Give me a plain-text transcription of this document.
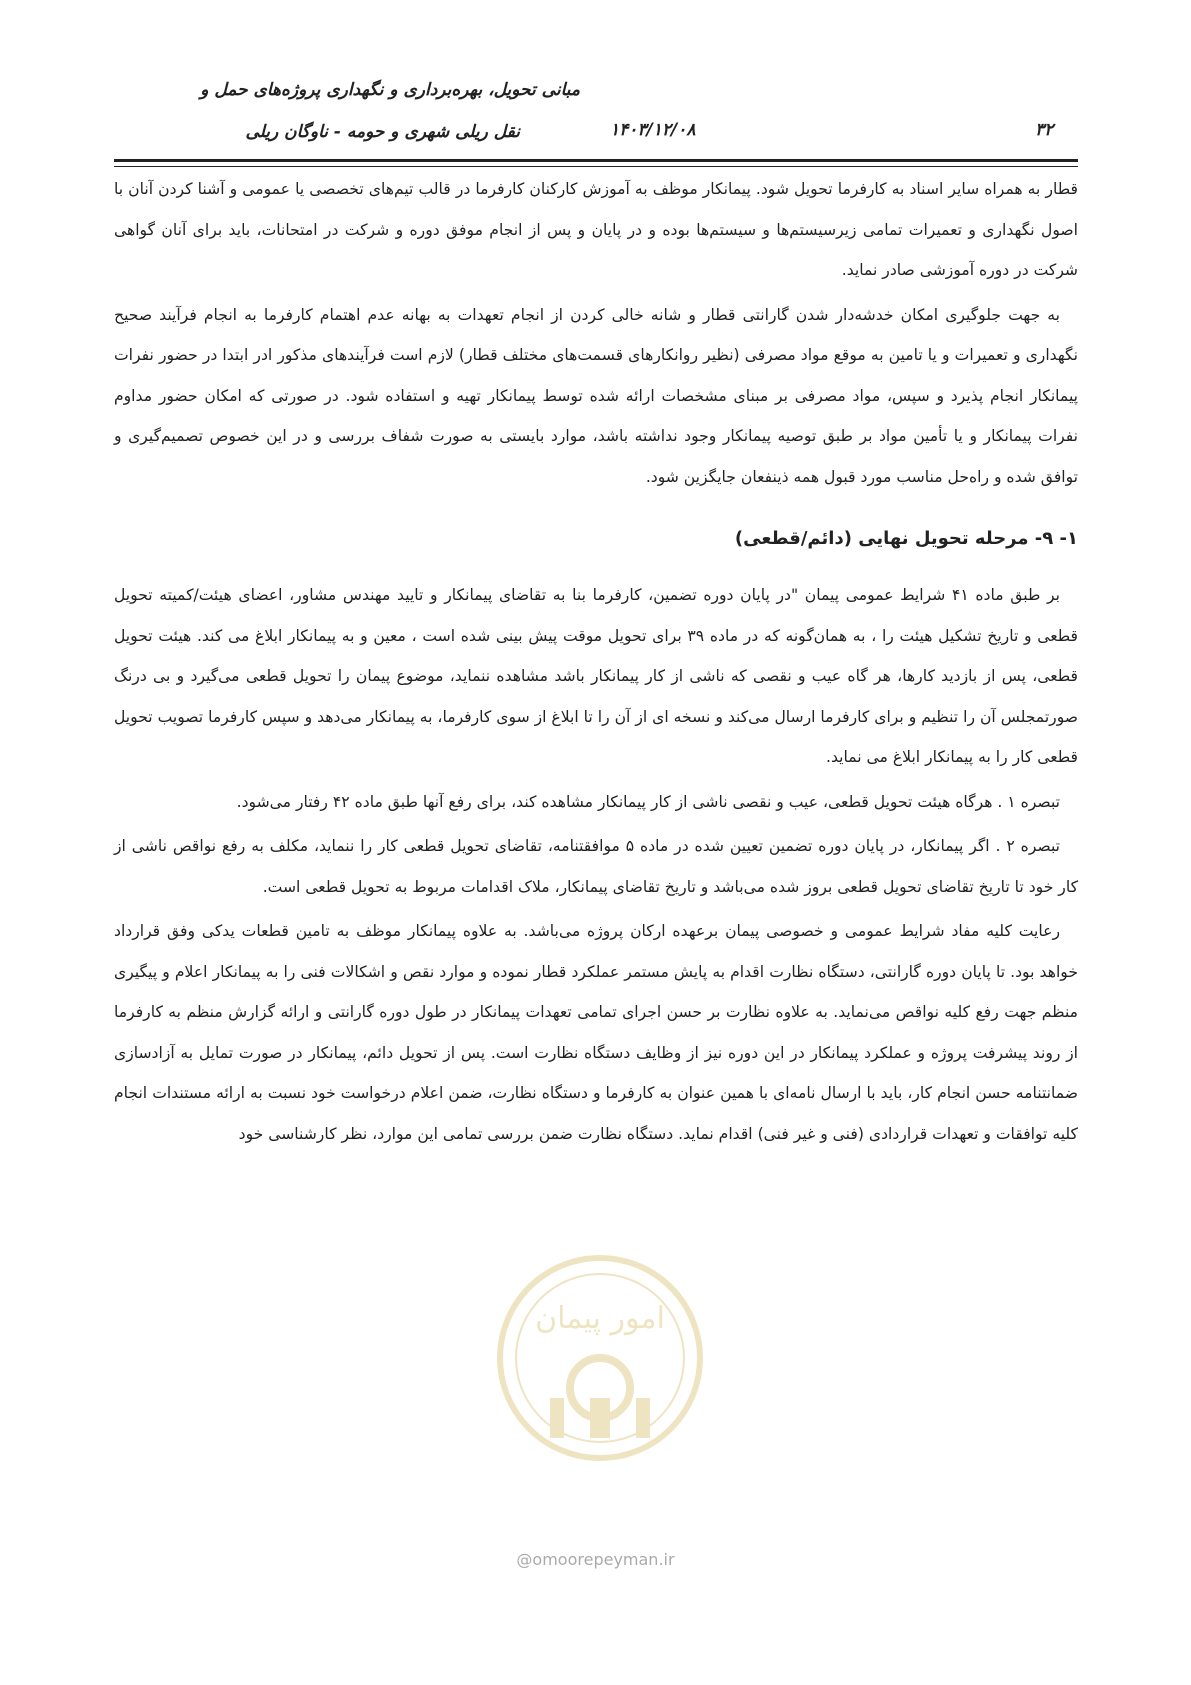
مبانی تحویل، بهره‌برداری و نگهداری پروژه‌های حمل و
نقل ریلی شهری و حومه - ناوگان ریلی	۱۴۰۳/۱۲/۰۸	۳۲

قطار به همراه سایر اسناد به کارفرما تحویل شود. پیمانکار موظف به آموزش کارکنان کارفرما در قالب تیم‌های تخصصی یا عمومی و آشنا کردن آنان با اصول نگهداری و تعمیرات تمامی زیرسیستم‌ها و سیستم‌ها بوده و در پایان و پس از انجام موفق دوره و شرکت در امتحانات، باید برای آنان گواهی شرکت در دوره آموزشی صادر نماید.

به جهت جلوگیری امکان خدشه‌دار شدن گارانتی قطار و شانه خالی کردن از انجام تعهدات به بهانه عدم اهتمام کارفرما به انجام فرآیند صحیح نگهداری و تعمیرات و یا تامین به موقع مواد مصرفی (نظیر روانکارهای قسمت‌های مختلف قطار) لازم است فرآیندهای مذکور ادر ابتدا در حضور نفرات پیمانکار انجام پذیرد و سپس، مواد مصرفی بر مبنای مشخصات ارائه شده توسط پیمانکار تهیه و استفاده شود. در صورتی که امکان حضور مداوم نفرات پیمانکار و یا تأمین مواد بر طبق توصیه پیمانکار وجود نداشته باشد، موارد بایستی به صورت شفاف بررسی و در این خصوص تصمیم‌گیری و توافق شده و راه‌حل مناسب مورد قبول همه ذینفعان جایگزین شود.

۱- ۹- مرحله تحویل نهایی (دائم/قطعی)

بر طبق ماده ۴۱ شرایط عمومی پیمان "در پایان دوره تضمین، کارفرما بنا به تقاضای پیمانکار و تایید مهندس مشاور، اعضای هیئت/کمیته تحویل قطعی و تاریخ تشکیل هیئت را ، به همان‌گونه که در ماده ۳۹ برای تحویل موقت پیش بینی شده است ، معین و به پیمانکار ابلاغ می کند. هیئت تحویل قطعی، پس از بازدید کارها، هر گاه عیب و نقصی که ناشی از کار پیمانکار باشد مشاهده ننماید، موضوع پیمان را تحویل قطعی می‌گیرد و بی درنگ صورتمجلس آن را تنظیم و برای کارفرما ارسال می‌کند و نسخه ای از آن را تا ابلاغ از سوی کارفرما، به پیمانکار می‌دهد و سپس کارفرما تصویب تحویل قطعی کار را به پیمانکار ابلاغ می نماید.

تبصره ۱ . هرگاه هیئت تحویل قطعی، عیب و نقصی ناشی از کار پیمانکار مشاهده کند، برای رفع آنها طبق ماده ۴۲ رفتار می‌شود.

تبصره ۲ . اگر پیمانکار، در پایان دوره تضمین تعیین شده در ماده ۵ موافقتنامه، تقاضای تحویل قطعی کار را ننماید، مکلف به رفع نواقص ناشی از کار خود تا تاریخ تقاضای تحویل قطعی بروز شده می‌باشد و تاریخ تقاضای پیمانکار، ملاک اقدامات مربوط به تحویل قطعی است.

رعایت کلیه مفاد شرایط عمومی و خصوصی پیمان برعهده ارکان پروژه می‌باشد. به علاوه پیمانکار موظف به تامین قطعات یدکی وفق قرارداد خواهد بود. تا پایان دوره گارانتی، دستگاه نظارت اقدام به پایش مستمر عملکرد قطار نموده و موارد نقص و اشکالات فنی را به پیمانکار اعلام و پیگیری منظم جهت رفع کلیه نواقص می‌نماید. به علاوه نظارت بر حسن اجرای تمامی تعهدات پیمانکار در طول دوره گارانتی و ارائه گزارش منظم به کارفرما از روند پیشرفت پروژه و عملکرد پیمانکار در این دوره نیز از وظایف دستگاه نظارت است. پس از تحویل دائم، پیمانکار در صورت تمایل به آزادسازی ضمانتنامه حسن انجام کار، باید با ارسال نامه‌ای با همین عنوان به کارفرما و دستگاه نظارت، ضمن اعلام درخواست خود نسبت به ارائه مستندات انجام کلیه توافقات و تعهدات قراردادی (فنی و غیر فنی) اقدام نماید. دستگاه نظارت ضمن بررسی تمامی این موارد، نظر کارشناسی خود

امور پیمان
@omoorepeyman.ir
